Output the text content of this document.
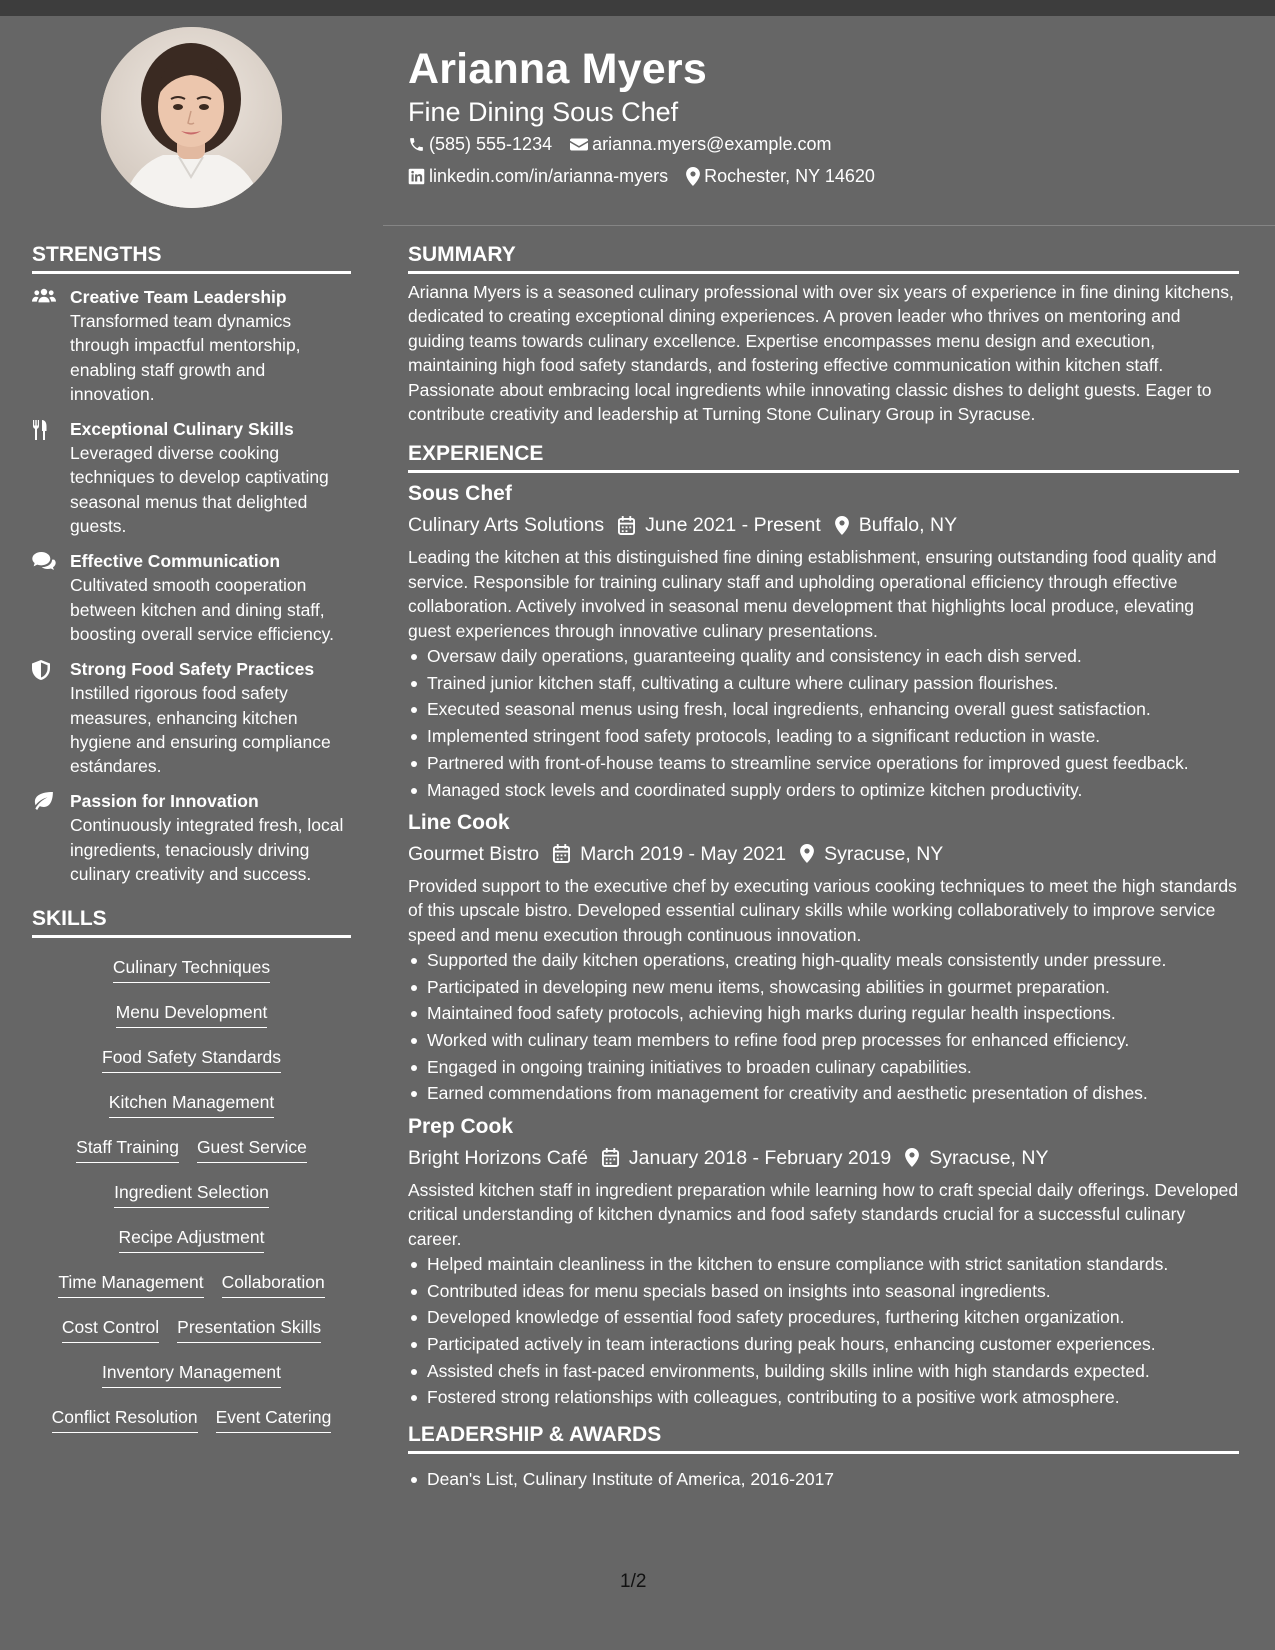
Arianna Myers
Fine Dining Sous Chef
(585) 555-1234 arianna.myers@example.com
linkedin.com/in/arianna-myers Rochester, NY 14620
STRENGTHS
Creative Team Leadership
Transformed team dynamics through impactful mentorship, enabling staff growth and innovation.
Exceptional Culinary Skills
Leveraged diverse cooking techniques to develop captivating seasonal menus that delighted guests.
Effective Communication
Cultivated smooth cooperation between kitchen and dining staff, boosting overall service efficiency.
Strong Food Safety Practices
Instilled rigorous food safety measures, enhancing kitchen hygiene and ensuring compliance estándares.
Passion for Innovation
Continuously integrated fresh, local ingredients, tenaciously driving culinary creativity and success.
SKILLS
Culinary Techniques
Menu Development
Food Safety Standards
Kitchen Management
Staff Training Guest Service
Ingredient Selection
Recipe Adjustment
Time Management Collaboration
Cost Control Presentation Skills
Inventory Management
Conflict Resolution Event Catering
SUMMARY
Arianna Myers is a seasoned culinary professional with over six years of experience in fine dining kitchens, dedicated to creating exceptional dining experiences. A proven leader who thrives on mentoring and guiding teams towards culinary excellence. Expertise encompasses menu design and execution, maintaining high food safety standards, and fostering effective communication within kitchen staff. Passionate about embracing local ingredients while innovating classic dishes to delight guests. Eager to contribute creativity and leadership at Turning Stone Culinary Group in Syracuse.
EXPERIENCE
Sous Chef
Culinary Arts Solutions June 2021 - Present Buffalo, NY
Leading the kitchen at this distinguished fine dining establishment, ensuring outstanding food quality and service. Responsible for training culinary staff and upholding operational efficiency through effective collaboration. Actively involved in seasonal menu development that highlights local produce, elevating guest experiences through innovative culinary presentations.
Oversaw daily operations, guaranteeing quality and consistency in each dish served.
Trained junior kitchen staff, cultivating a culture where culinary passion flourishes.
Executed seasonal menus using fresh, local ingredients, enhancing overall guest satisfaction.
Implemented stringent food safety protocols, leading to a significant reduction in waste.
Partnered with front-of-house teams to streamline service operations for improved guest feedback.
Managed stock levels and coordinated supply orders to optimize kitchen productivity.
Line Cook
Gourmet Bistro March 2019 - May 2021 Syracuse, NY
Provided support to the executive chef by executing various cooking techniques to meet the high standards of this upscale bistro. Developed essential culinary skills while working collaboratively to improve service speed and menu execution through continuous innovation.
Supported the daily kitchen operations, creating high-quality meals consistently under pressure.
Participated in developing new menu items, showcasing abilities in gourmet preparation.
Maintained food safety protocols, achieving high marks during regular health inspections.
Worked with culinary team members to refine food prep processes for enhanced efficiency.
Engaged in ongoing training initiatives to broaden culinary capabilities.
Earned commendations from management for creativity and aesthetic presentation of dishes.
Prep Cook
Bright Horizons Café January 2018 - February 2019 Syracuse, NY
Assisted kitchen staff in ingredient preparation while learning how to craft special daily offerings. Developed critical understanding of kitchen dynamics and food safety standards crucial for a successful culinary career.
Helped maintain cleanliness in the kitchen to ensure compliance with strict sanitation standards.
Contributed ideas for menu specials based on insights into seasonal ingredients.
Developed knowledge of essential food safety procedures, furthering kitchen organization.
Participated actively in team interactions during peak hours, enhancing customer experiences.
Assisted chefs in fast-paced environments, building skills inline with high standards expected.
Fostered strong relationships with colleagues, contributing to a positive work atmosphere.
LEADERSHIP & AWARDS
Dean's List, Culinary Institute of America, 2016-2017
1/2
